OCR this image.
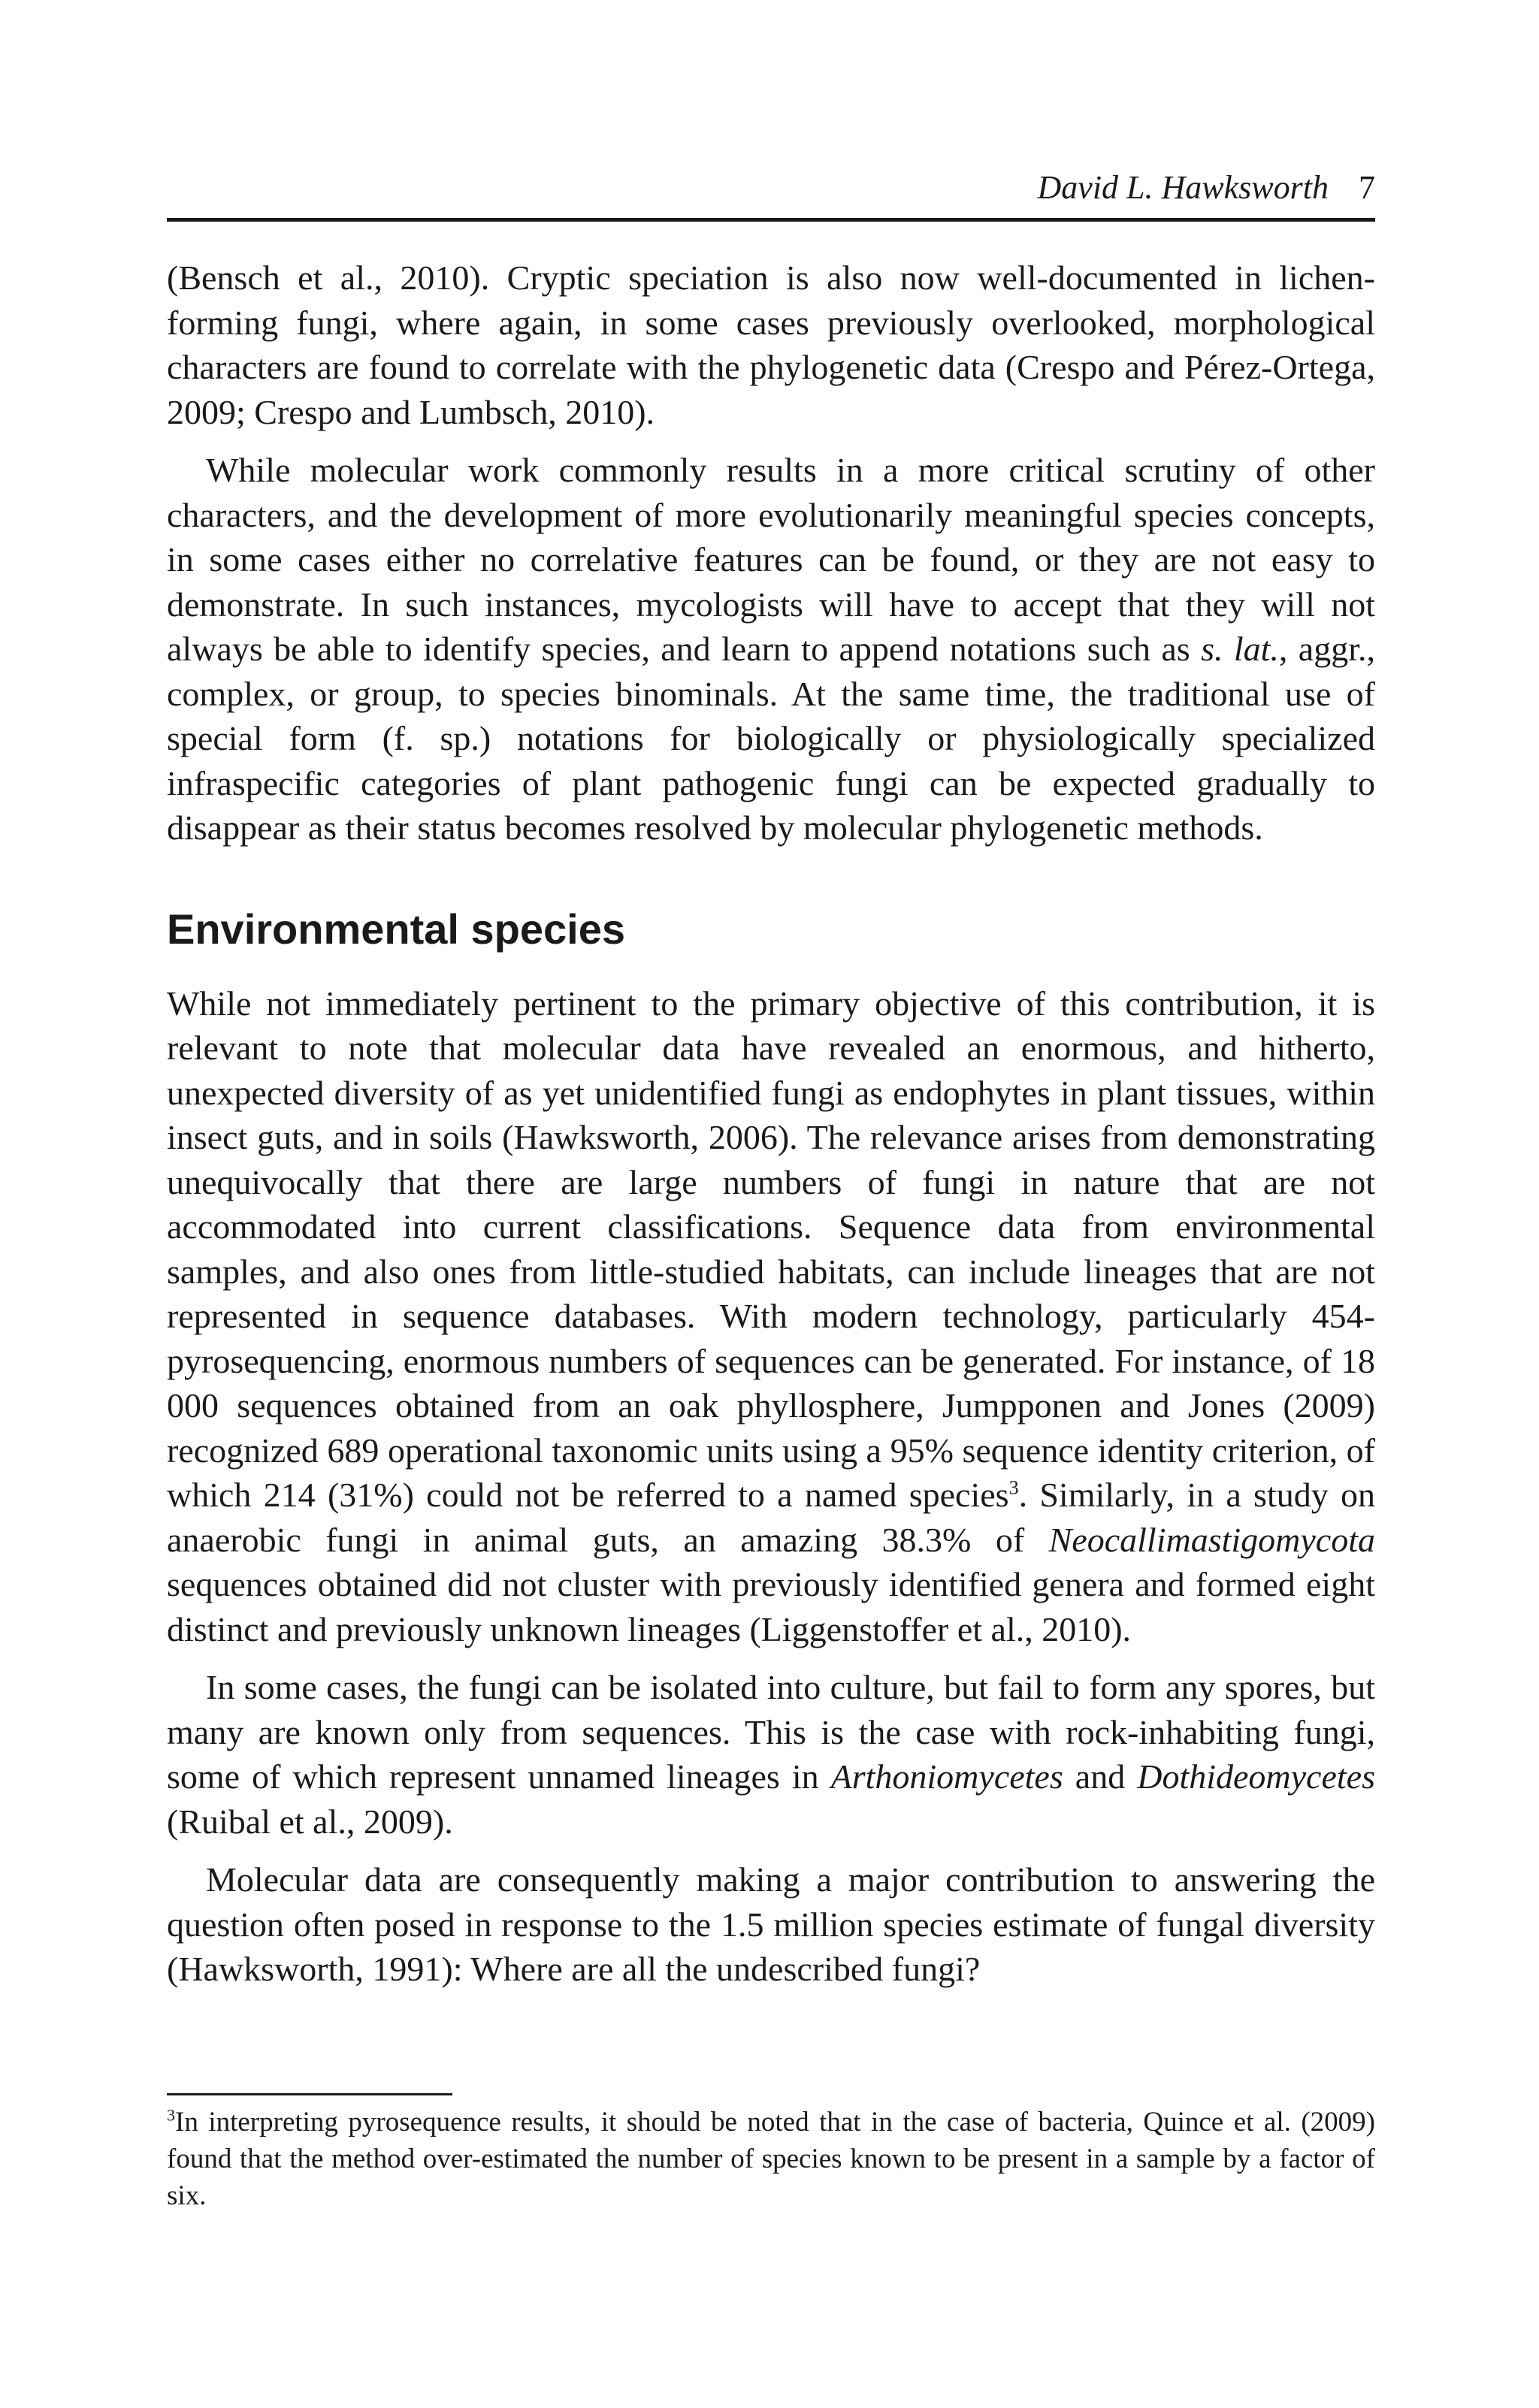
David L. Hawksworth 7

(Bensch et al., 2010). Cryptic speciation is also now well-documented in lichen-forming fungi, where again, in some cases previously overlooked, morphological characters are found to correlate with the phylogenetic data (Crespo and Pérez-Ortega, 2009; Crespo and Lumbsch, 2010).

While molecular work commonly results in a more critical scrutiny of other characters, and the development of more evolutionarily meaningful species concepts, in some cases either no correlative features can be found, or they are not easy to demonstrate. In such instances, mycologists will have to accept that they will not always be able to identify species, and learn to append notations such as s. lat., aggr., complex, or group, to species binominals. At the same time, the traditional use of special form (f. sp.) notations for biologically or physiologically specialized infraspecific categories of plant pathogenic fungi can be expected gradually to disappear as their status becomes resolved by molecular phylogenetic methods.

Environmental species

While not immediately pertinent to the primary objective of this contribution, it is relevant to note that molecular data have revealed an enormous, and hitherto, unexpected diversity of as yet unidentified fungi as endophytes in plant tissues, within insect guts, and in soils (Hawksworth, 2006). The relevance arises from demonstrating unequivocally that there are large numbers of fungi in nature that are not accommodated into current classifications. Sequence data from environmental samples, and also ones from little-studied habitats, can include lineages that are not represented in sequence databases. With modern technology, particularly 454-pyrosequencing, enormous numbers of sequences can be generated. For instance, of 18 000 sequences obtained from an oak phyllosphere, Jumpponen and Jones (2009) recognized 689 operational taxonomic units using a 95% sequence identity criterion, of which 214 (31%) could not be referred to a named species$^3$. Similarly, in a study on anaerobic fungi in animal guts, an amazing 38.3% of Neocallimastigomycota sequences obtained did not cluster with previously identified genera and formed eight distinct and previously unknown lineages (Liggenstoffer et al., 2010).

In some cases, the fungi can be isolated into culture, but fail to form any spores, but many are known only from sequences. This is the case with rock-inhabiting fungi, some of which represent unnamed lineages in Arthoniomycetes and Dothideomycetes (Ruibal et al., 2009).

Molecular data are consequently making a major contribution to answering the question often posed in response to the 1.5 million species estimate of fungal diversity (Hawksworth, 1991): Where are all the undescribed fungi?

$^3$In interpreting pyrosequence results, it should be noted that in the case of bacteria, Quince et al. (2009) found that the method over-estimated the number of species known to be present in a sample by a factor of six.
